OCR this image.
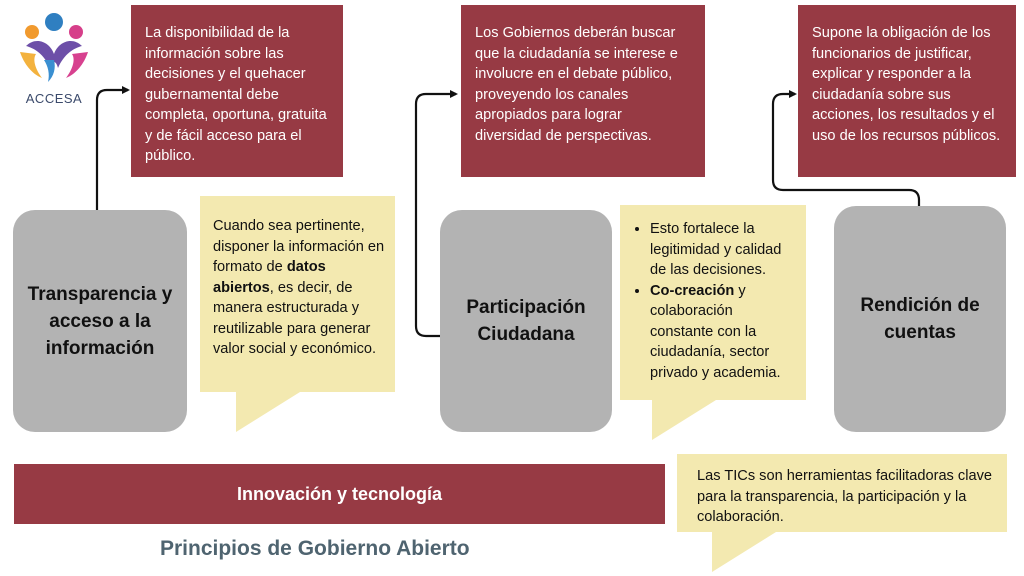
ACCESA
La disponibilidad de la información sobre las decisiones y el quehacer gubernamental debe completa, oportuna, gratuita y de fácil acceso para el público.
Los Gobiernos deberán buscar que la ciudadanía se interese e involucre en el debate público, proveyendo los canales apropiados para lograr diversidad de perspectivas.
Supone la obligación de los funcionarios de justificar, explicar y responder a la ciudadanía sobre sus acciones, los resultados y el uso de los recursos públicos.
Transparencia y acceso a la información
Participación Ciudadana
Rendición de cuentas
Cuando sea pertinente, disponer la información en formato de datos abiertos, es decir, de manera estructurada y reutilizable para generar valor social y económico.
• Esto fortalece la legitimidad y calidad de las decisiones.
• Co-creación y colaboración constante con la ciudadanía, sector privado y academia.
Innovación y tecnología
Las TICs son herramientas facilitadoras clave para la transparencia, la participación y la colaboración.
Principios de Gobierno Abierto
